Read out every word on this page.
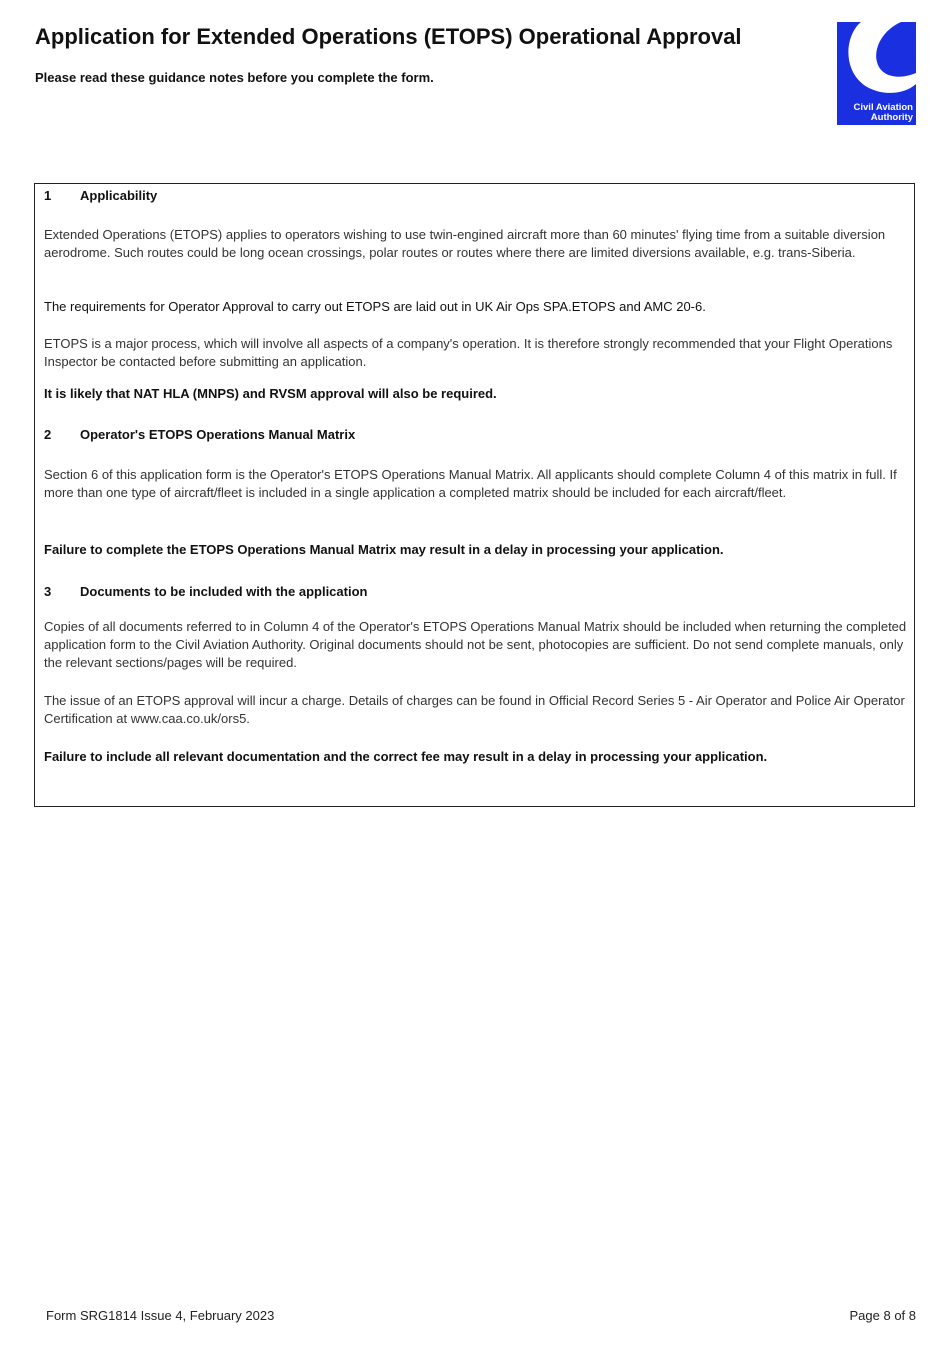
Application for Extended Operations (ETOPS) Operational Approval

Please read these guidance notes before you complete the form.

Civil Aviation
Authority
1 Applicability

Extended Operations (ETOPS) applies to operators wishing to use twin-engined aircraft more than 60 minutes' flying time from a suitable diversion aerodrome. Such routes could be long ocean crossings, polar routes or routes where there are limited diversions available, e.g. trans-Siberia.

The requirements for Operator Approval to carry out ETOPS are laid out in UK Air Ops SPA.ETOPS and AMC 20-6.

ETOPS is a major process, which will involve all aspects of a company's operation. It is therefore strongly recommended that your Flight Operations Inspector be contacted before submitting an application.

It is likely that NAT HLA (MNPS) and RVSM approval will also be required.

2 Operator's ETOPS Operations Manual Matrix

Section 6 of this application form is the Operator's ETOPS Operations Manual Matrix. All applicants should complete Column 4 of this matrix in full. If more than one type of aircraft/fleet is included in a single application a completed matrix should be included for each aircraft/fleet.

Failure to complete the ETOPS Operations Manual Matrix may result in a delay in processing your application.

3 Documents to be included with the application

Copies of all documents referred to in Column 4 of the Operator's ETOPS Operations Manual Matrix should be included when returning the completed application form to the Civil Aviation Authority. Original documents should not be sent, photocopies are sufficient. Do not send complete manuals, only the relevant sections/pages will be required.

The issue of an ETOPS approval will incur a charge. Details of charges can be found in Official Record Series 5 - Air Operator and Police Air Operator Certification at www.caa.co.uk/ors5.

Failure to include all relevant documentation and the correct fee may result in a delay in processing your application.

Form SRG1814 Issue 4, February 2023	Page 8 of 8
